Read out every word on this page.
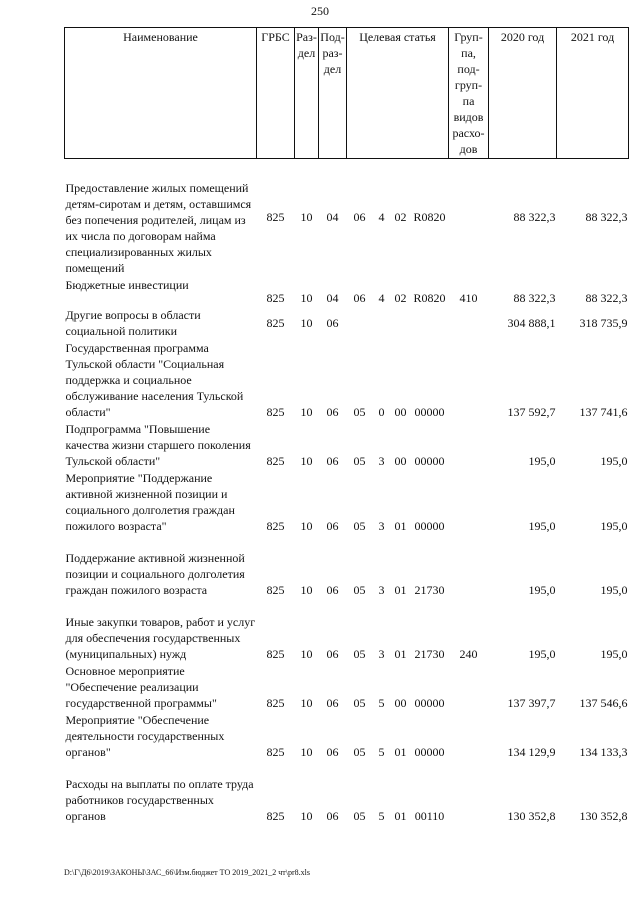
250
Наименование	ГРБС	Раз-дел	Под-раз-дел	Целевая статья				Груп-па, под-груп-па видов расхо-дов	2020 год	2021 год
Предоставление жилых помещений детям-сиротам и детям, оставшимся без попечения родителей, лицам из их числа по договорам найма специализированных жилых помещений	825	10	04	06	4	02	R0820		88 322,3	88 322,3
Бюджетные инвестиции	825	10	04	06	4	02	R0820	410	88 322,3	88 322,3
Другие вопросы в области социальной политики	825	10	06						304 888,1	318 735,9
Государственная программа Тульской области "Социальная поддержка и социальное обслуживание населения Тульской области"	825	10	06	05	0	00	00000		137 592,7	137 741,6
Подпрограмма "Повышение качества жизни старшего поколения Тульской области"	825	10	06	05	3	00	00000		195,0	195,0
Мероприятие "Поддержание активной жизненной позиции и социального долголетия граждан пожилого возраста"	825	10	06	05	3	01	00000		195,0	195,0
Поддержание активной жизненной позиции и социального долголетия граждан пожилого возраста	825	10	06	05	3	01	21730		195,0	195,0
Иные закупки товаров, работ и услуг для обеспечения государственных (муниципальных) нужд	825	10	06	05	3	01	21730	240	195,0	195,0
Основное мероприятие "Обеспечение реализации государственной программы"	825	10	06	05	5	00	00000		137 397,7	137 546,6
Мероприятие "Обеспечение деятельности государственных органов"	825	10	06	05	5	01	00000		134 129,9	134 133,3
Расходы на выплаты по оплате труда работников государственных органов	825	10	06	05	5	01	00110		130 352,8	130 352,8
D:\Г\Д6\2019\ЗАКОНЫ\ЗАС_66\Изм.бюджет ТО 2019_2021_2 чт\pr8.xls
